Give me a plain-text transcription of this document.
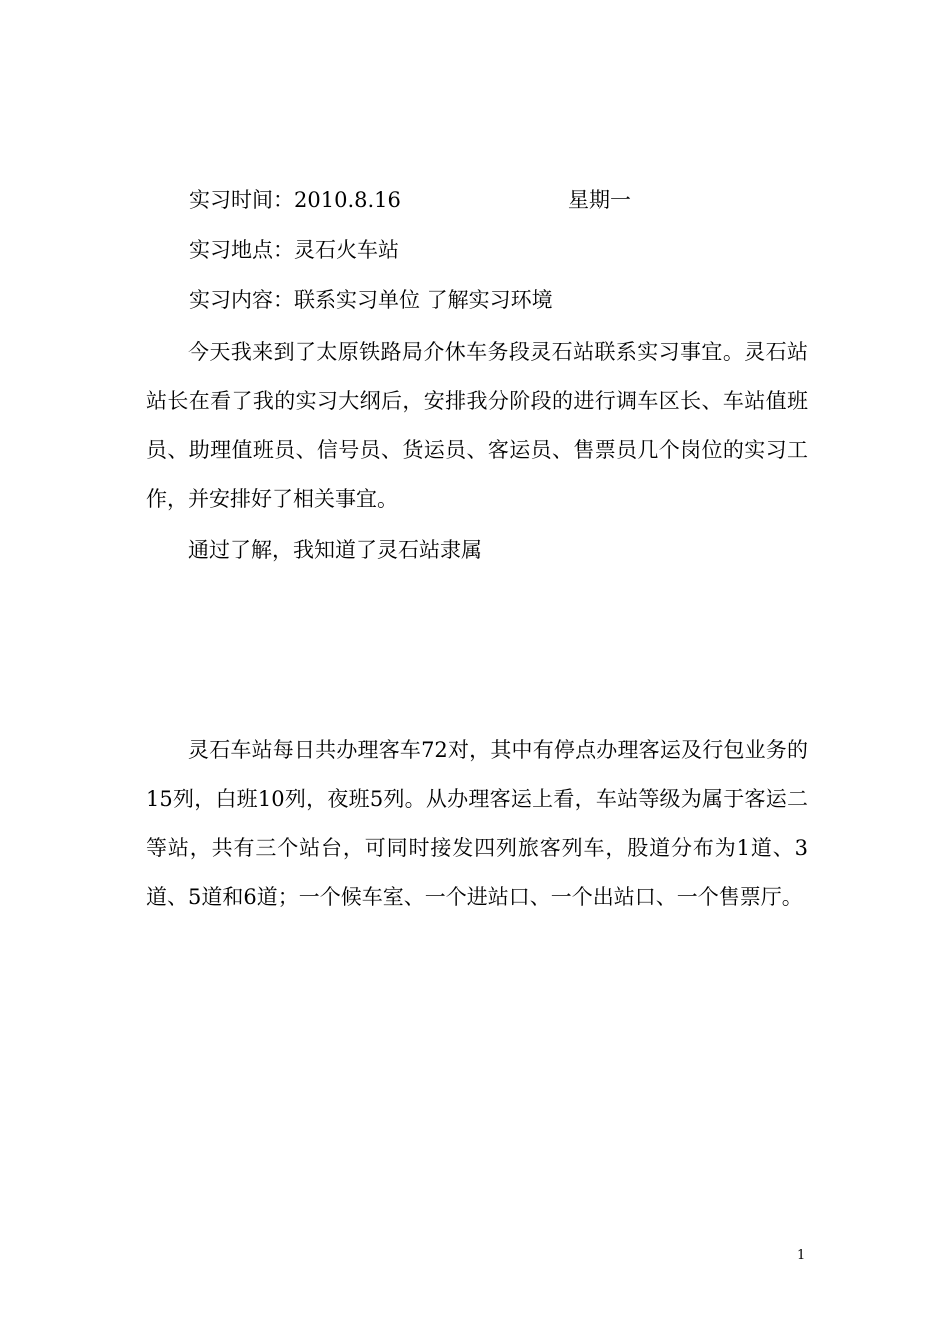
实习时间：2010.8.16	星期一
实习地点：灵石火车站
实习内容：联系实习单位 了解实习环境
今天我来到了太原铁路局介休车务段灵石站联系实习事宜。灵石站站长在看了我的实习大纲后，安排我分阶段的进行调车区长、车站值班员、助理值班员、信号员、货运员、客运员、售票员几个岗位的实习工作，并安排好了相关事宜。
通过了解，我知道了灵石站隶属
灵石车站每日共办理客车72对，其中有停点办理客运及行包业务的15列，白班10列，夜班5列。从办理客运上看，车站等级为属于客运二等站，共有三个站台，可同时接发四列旅客列车，股道分布为1道、3道、5道和6道；一个候车室、一个进站口、一个出站口、一个售票厅。
1
